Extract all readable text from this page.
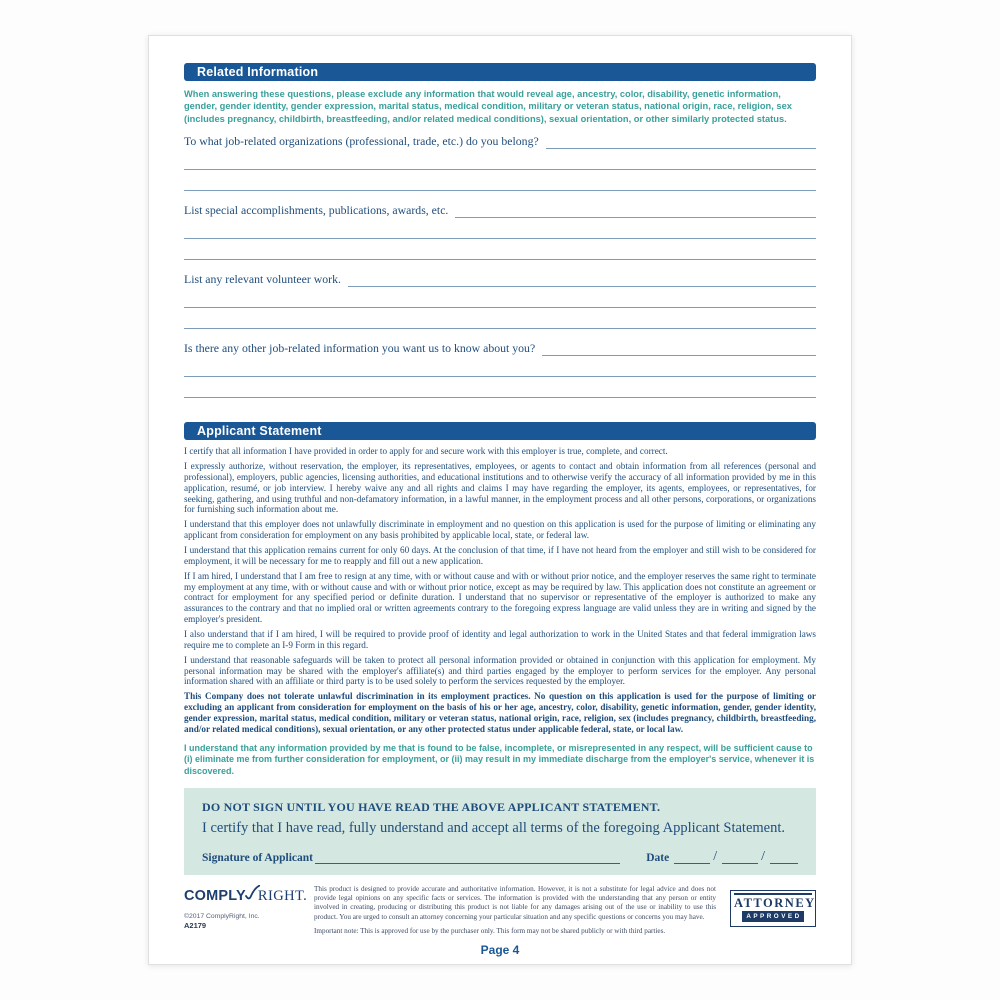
Related Information

When answering these questions, please exclude any information that would reveal age, ancestry, color, disability, genetic information, gender, gender identity, gender expression, marital status, medical condition, military or veteran status, national origin, race, religion, sex (includes pregnancy, childbirth, breastfeeding, and/or related medical conditions), sexual orientation, or other similarly protected status.

To what job-related organizations (professional, trade, etc.) do you belong?
List special accomplishments, publications, awards, etc.
List any relevant volunteer work.
Is there any other job-related information you want us to know about you?
Applicant Statement

I certify that all information I have provided in order to apply for and secure work with this employer is true, complete, and correct.

I expressly authorize, without reservation, the employer, its representatives, employees, or agents to contact and obtain information from all references (personal and professional), employers, public agencies, licensing authorities, and educational institutions and to otherwise verify the accuracy of all information provided by me in this application, resumé, or job interview. I hereby waive any and all rights and claims I may have regarding the employer, its agents, employees, or representatives, for seeking, gathering, and using truthful and non-defamatory information, in a lawful manner, in the employment process and all other persons, corporations, or organizations for furnishing such information about me.

I understand that this employer does not unlawfully discriminate in employment and no question on this application is used for the purpose of limiting or eliminating any applicant from consideration for employment on any basis prohibited by applicable local, state, or federal law.

I understand that this application remains current for only 60 days. At the conclusion of that time, if I have not heard from the employer and still wish to be considered for employment, it will be necessary for me to reapply and fill out a new application.

If I am hired, I understand that I am free to resign at any time, with or without cause and with or without prior notice, and the employer reserves the same right to terminate my employment at any time, with or without cause and with or without prior notice, except as may be required by law. This application does not constitute an agreement or contract for employment for any specified period or definite duration. I understand that no supervisor or representative of the employer is authorized to make any assurances to the contrary and that no implied oral or written agreements contrary to the foregoing express language are valid unless they are in writing and signed by the employer's president.

I also understand that if I am hired, I will be required to provide proof of identity and legal authorization to work in the United States and that federal immigration laws require me to complete an I-9 Form in this regard.

I understand that reasonable safeguards will be taken to protect all personal information provided or obtained in conjunction with this application for employment. My personal information may be shared with the employer's affiliate(s) and third parties engaged by the employer to perform services for the employer. Any personal information shared with an affiliate or third party is to be used solely to perform the services requested by the employer.

This Company does not tolerate unlawful discrimination in its employment practices. No question on this application is used for the purpose of limiting or excluding an applicant from consideration for employment on the basis of his or her age, ancestry, color, disability, genetic information, gender, gender identity, gender expression, marital status, medical condition, military or veteran status, national origin, race, religion, sex (includes pregnancy, childbirth, breastfeeding, and/or related medical conditions), sexual orientation, or any other protected status under applicable federal, state, or local law.

I understand that any information provided by me that is found to be false, incomplete, or misrepresented in any respect, will be sufficient cause to (i) eliminate me from further consideration for employment, or (ii) may result in my immediate discharge from the employer's service, whenever it is discovered.

DO NOT SIGN UNTIL YOU HAVE READ THE ABOVE APPLICANT STATEMENT.
I certify that I have read, fully understand and accept all terms of the foregoing Applicant Statement.
Signature of Applicant	Date	/	/
COMPLY RIGHT.
©2017 ComplyRight, Inc.
A2179

This product is designed to provide accurate and authoritative information. However, it is not a substitute for legal advice and does not provide legal opinions on any specific facts or services. The information is provided with the understanding that any person or entity involved in creating, producing or distributing this product is not liable for any damages arising out of the use or inability to use this product. You are urged to consult an attorney concerning your particular situation and any specific questions or concerns you may have.

Important note: This is approved for use by the purchaser only. This form may not be shared publicly or with third parties.

ATTORNEY
APPROVED
Page 4
